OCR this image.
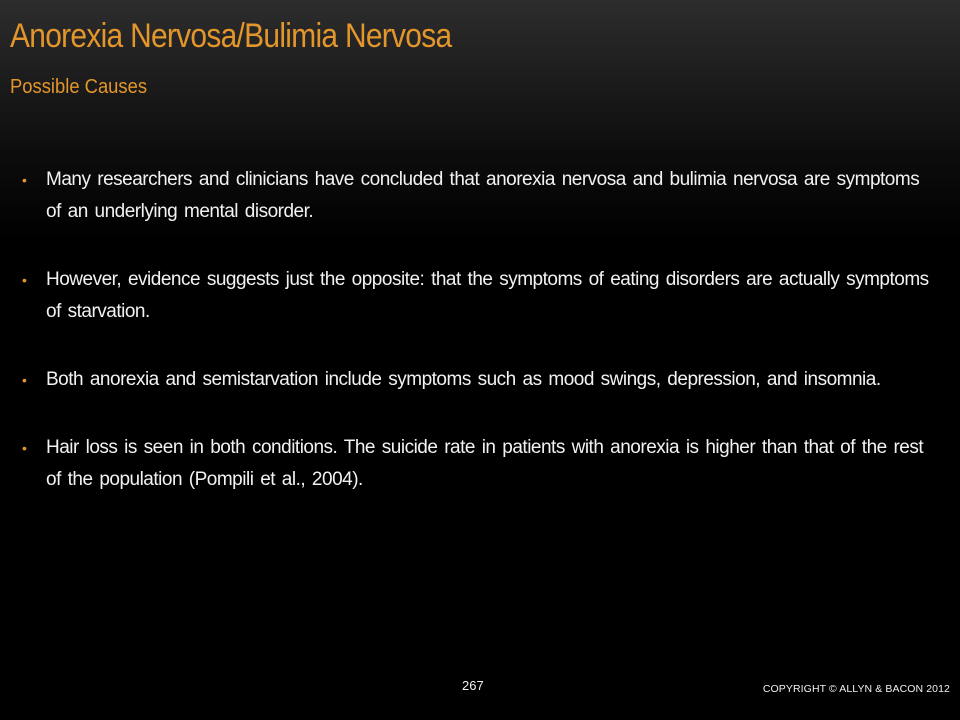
Anorexia Nervosa/Bulimia Nervosa
Possible Causes
• Many researchers and clinicians have concluded that anorexia nervosa and bulimia nervosa are symptoms of an underlying mental disorder.
• However, evidence suggests just the opposite: that the symptoms of eating disorders are actually symptoms of starvation.
• Both anorexia and semistarvation include symptoms such as mood swings, depression, and insomnia.
• Hair loss is seen in both conditions. The suicide rate in patients with anorexia is higher than that of the rest of the population (Pompili et al., 2004).
267	COPYRIGHT © ALLYN & BACON 2012
